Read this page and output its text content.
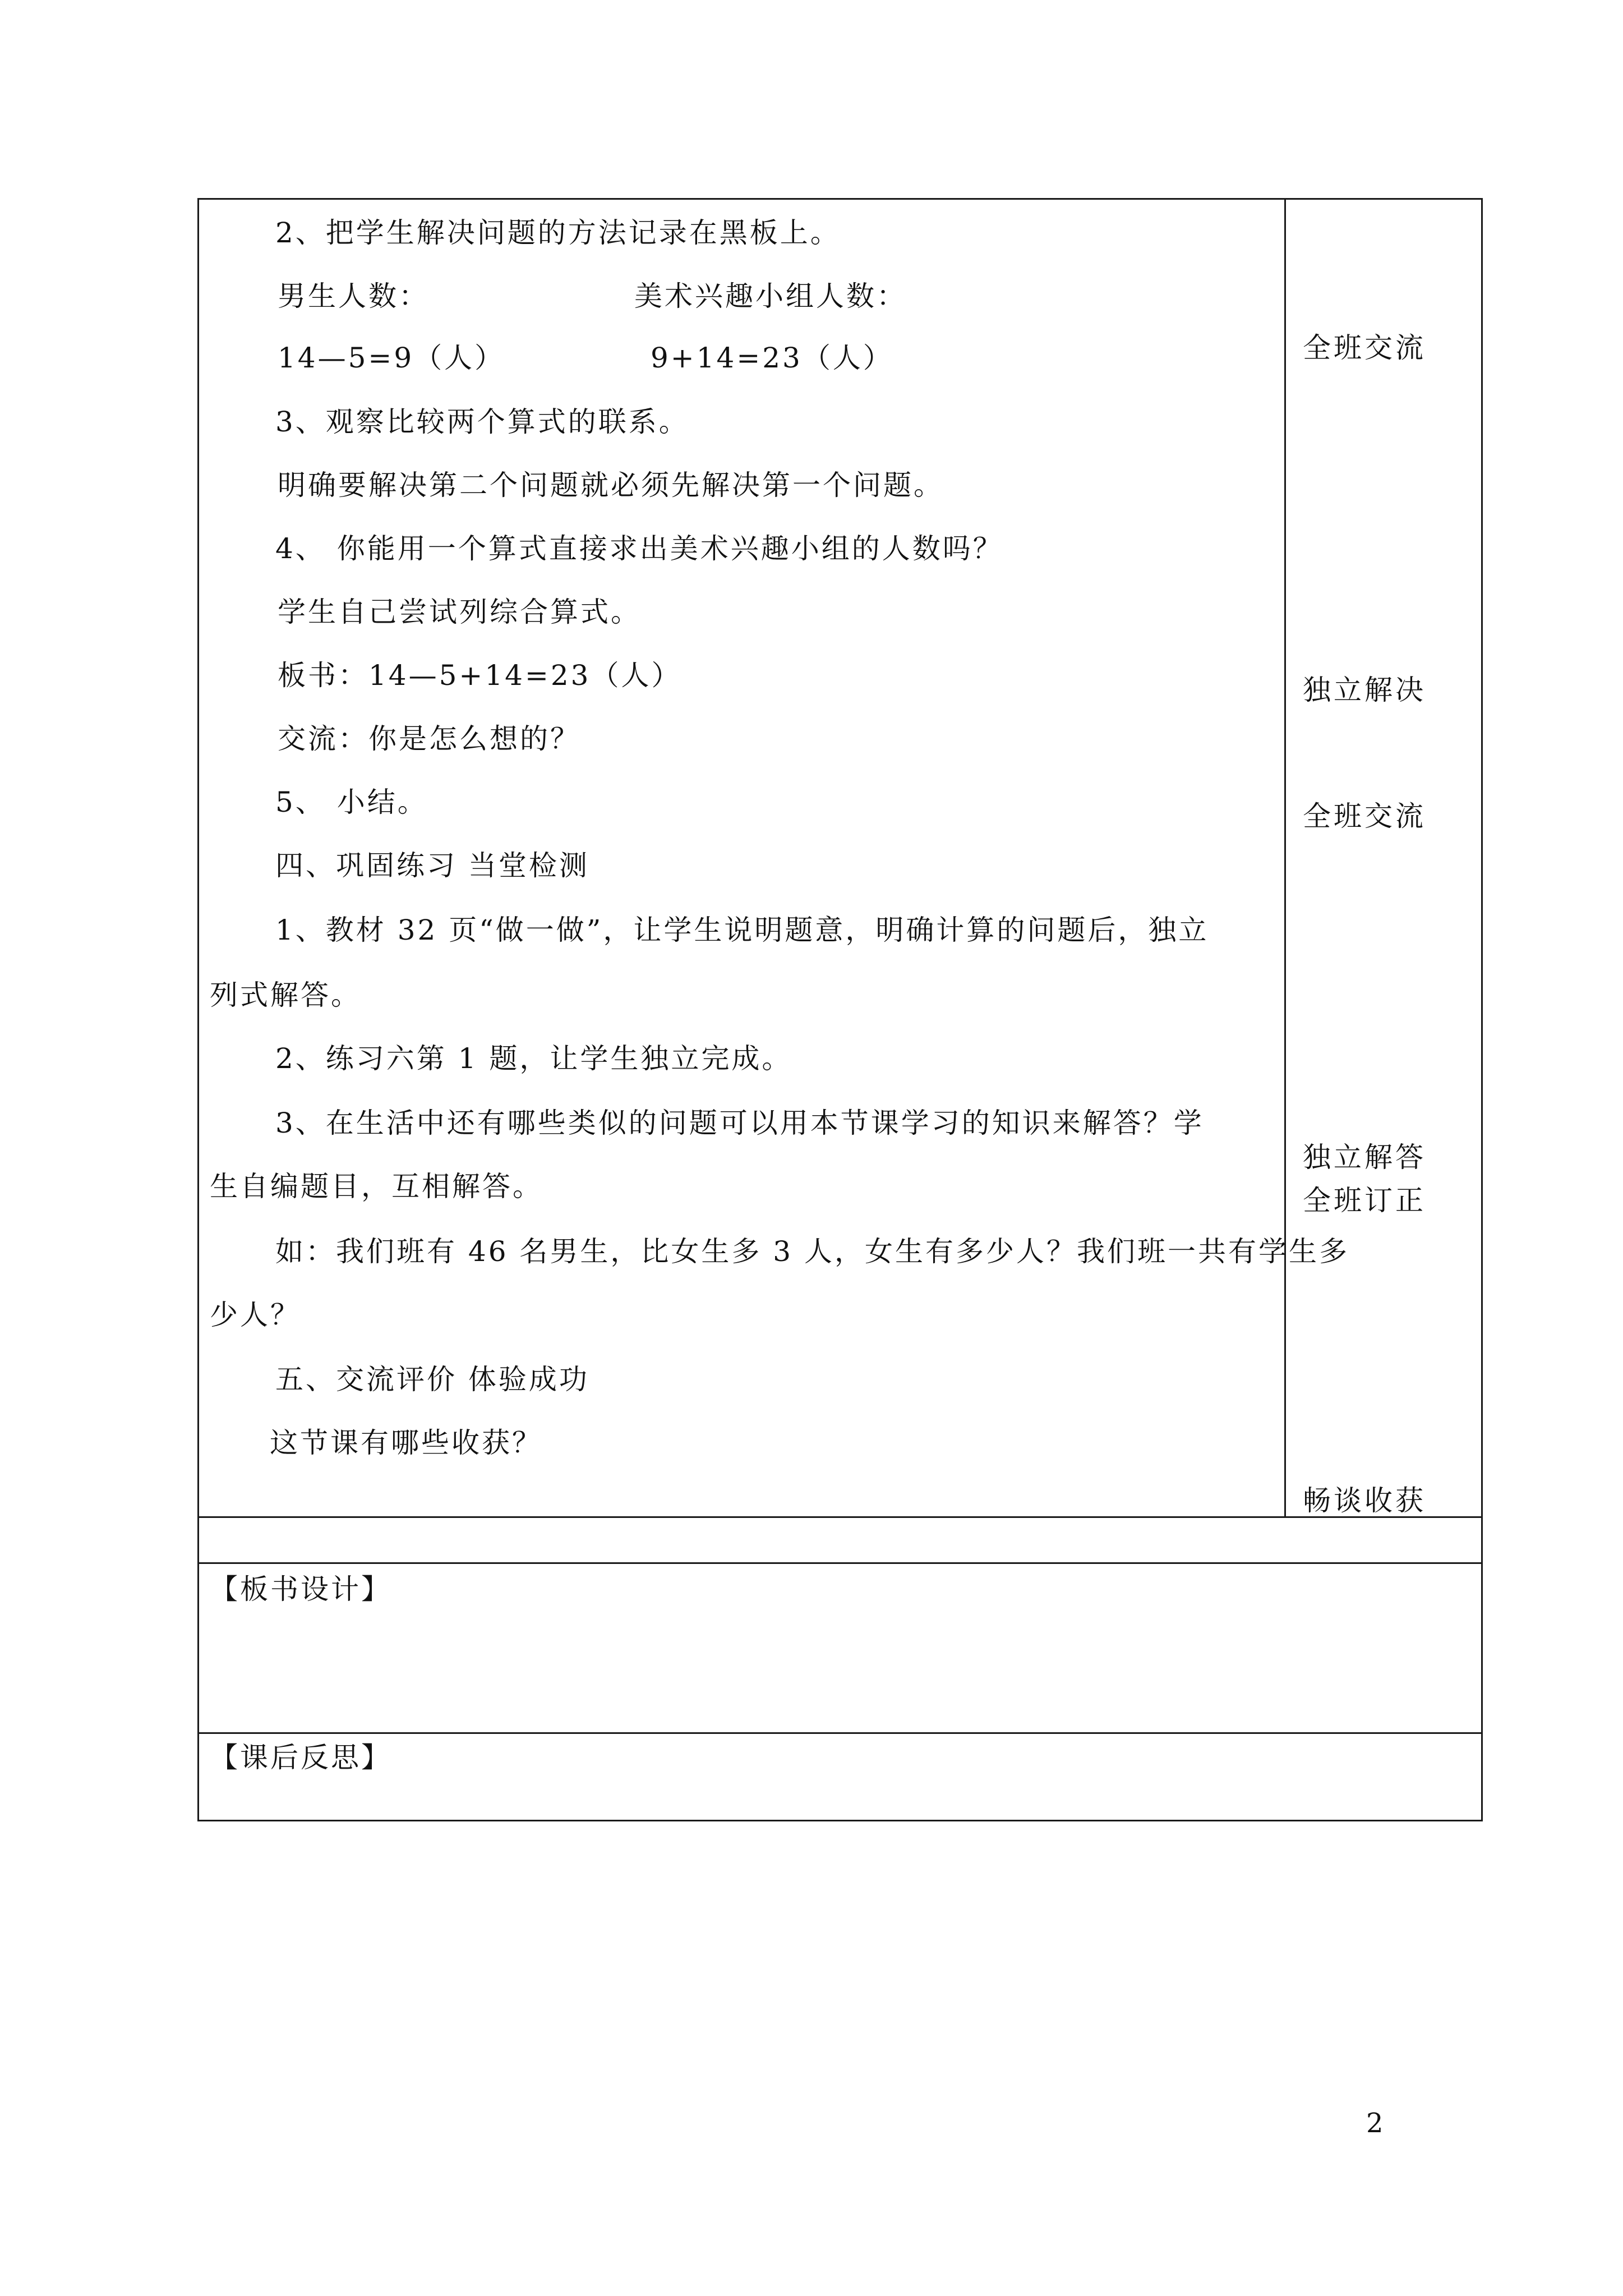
2、把学生解决问题的方法记录在黑板上。
男生人数：	美术兴趣小组人数：
14—5=9（人）	9+14=23（人）
3、观察比较两个算式的联系。
明确要解决第二个问题就必须先解决第一个问题。
4、 你能用一个算式直接求出美术兴趣小组的人数吗？
学生自己尝试列综合算式。
板书：14—5+14=23（人）
交流：你是怎么想的？
5、 小结。
四、巩固练习 当堂检测
1、教材 32 页“做一做”，让学生说明题意，明确计算的问题后，独立
列式解答。
2、练习六第 1 题，让学生独立完成。
3、在生活中还有哪些类似的问题可以用本节课学习的知识来解答？学
生自编题目，互相解答。
如：我们班有 46 名男生，比女生多 3 人，女生有多少人？我们班一共有学生多
少人？
五、交流评价 体验成功
这节课有哪些收获？
全班交流
独立解决
全班交流
独立解答
全班订正
畅谈收获
【板书设计】
【课后反思】
2
